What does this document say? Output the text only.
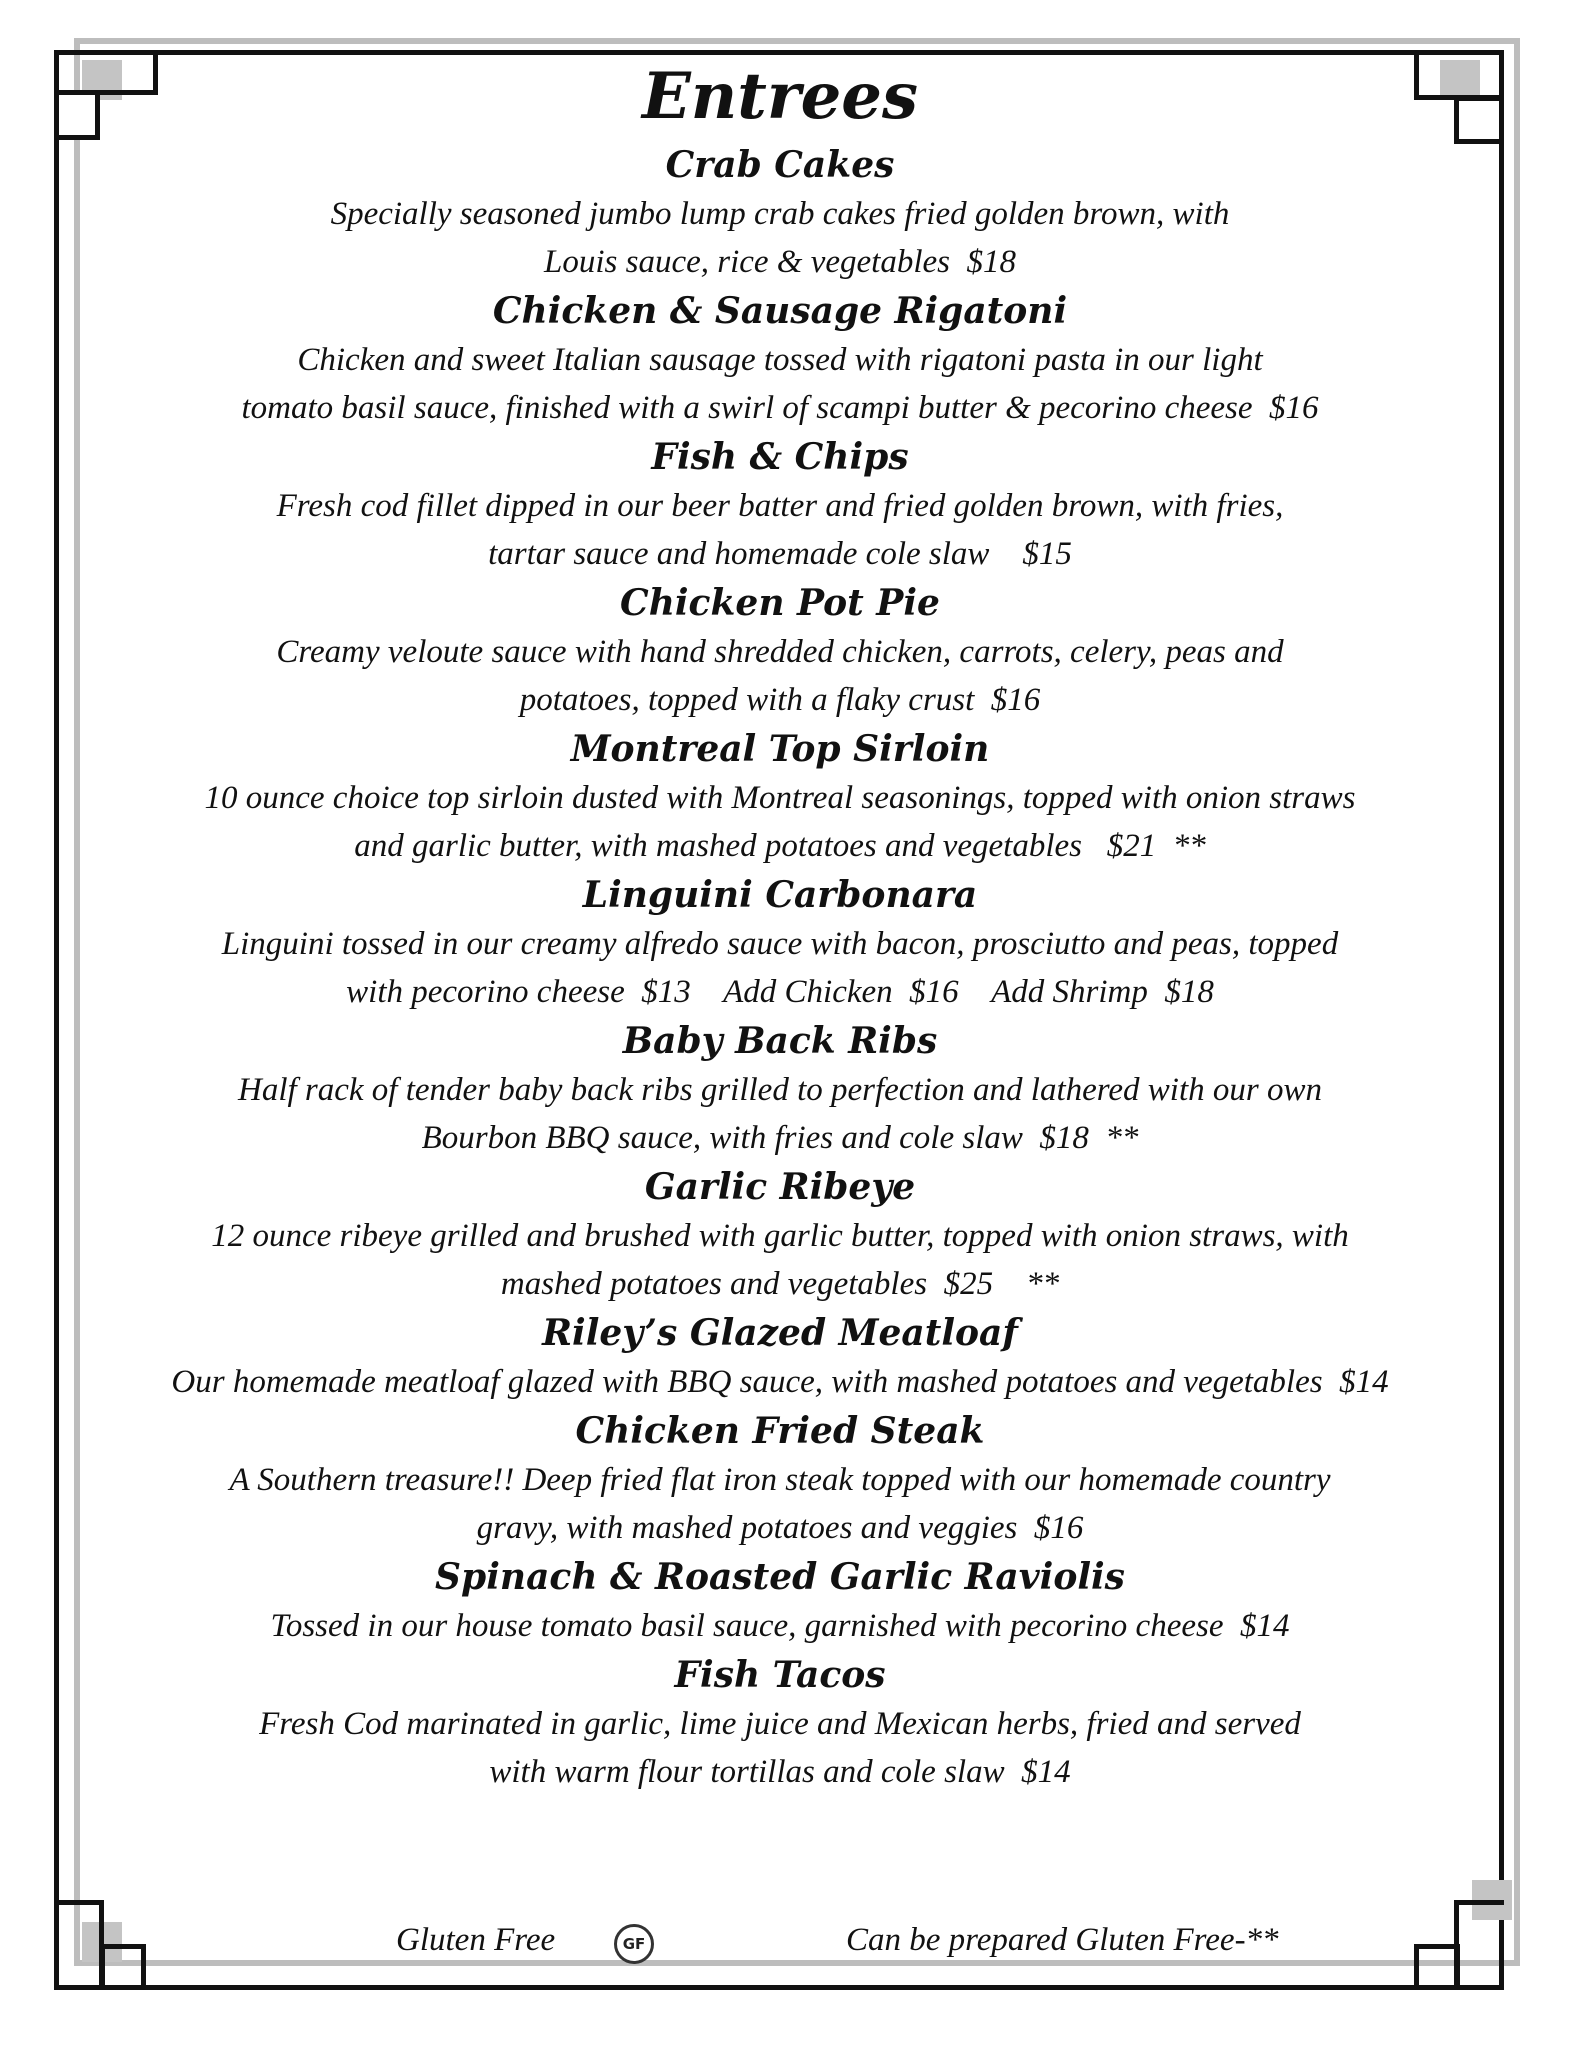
Entrees
Crab Cakes
Specially seasoned jumbo lump crab cakes fried golden brown, with
Louis sauce, rice & vegetables  $18
Chicken & Sausage Rigatoni
Chicken and sweet Italian sausage tossed with rigatoni pasta in our light
tomato basil sauce, finished with a swirl of scampi butter & pecorino cheese  $16
Fish & Chips
Fresh cod fillet dipped in our beer batter and fried golden brown, with fries,
tartar sauce and homemade cole slaw    $15
Chicken Pot Pie
Creamy veloute sauce with hand shredded chicken, carrots, celery, peas and
potatoes, topped with a flaky crust  $16
Montreal Top Sirloin
10 ounce choice top sirloin dusted with Montreal seasonings, topped with onion straws
and garlic butter, with mashed potatoes and vegetables   $21  **
Linguini Carbonara
Linguini tossed in our creamy alfredo sauce with bacon, prosciutto and peas, topped
with pecorino cheese  $13    Add Chicken  $16    Add Shrimp  $18
Baby Back Ribs
Half rack of tender baby back ribs grilled to perfection and lathered with our own
Bourbon BBQ sauce, with fries and cole slaw  $18  **
Garlic Ribeye
12 ounce ribeye grilled and brushed with garlic butter, topped with onion straws, with
mashed potatoes and vegetables  $25    **
Riley’s Glazed Meatloaf
Our homemade meatloaf glazed with BBQ sauce, with mashed potatoes and vegetables  $14
Chicken Fried Steak
A Southern treasure!! Deep fried flat iron steak topped with our homemade country
gravy, with mashed potatoes and veggies  $16
Spinach & Roasted Garlic Raviolis
Tossed in our house tomato basil sauce, garnished with pecorino cheese  $14
Fish Tacos
Fresh Cod marinated in garlic, lime juice and Mexican herbs, fried and served
with warm flour tortillas and cole slaw  $14
Gluten Free	GF	Can be prepared Gluten Free-**
